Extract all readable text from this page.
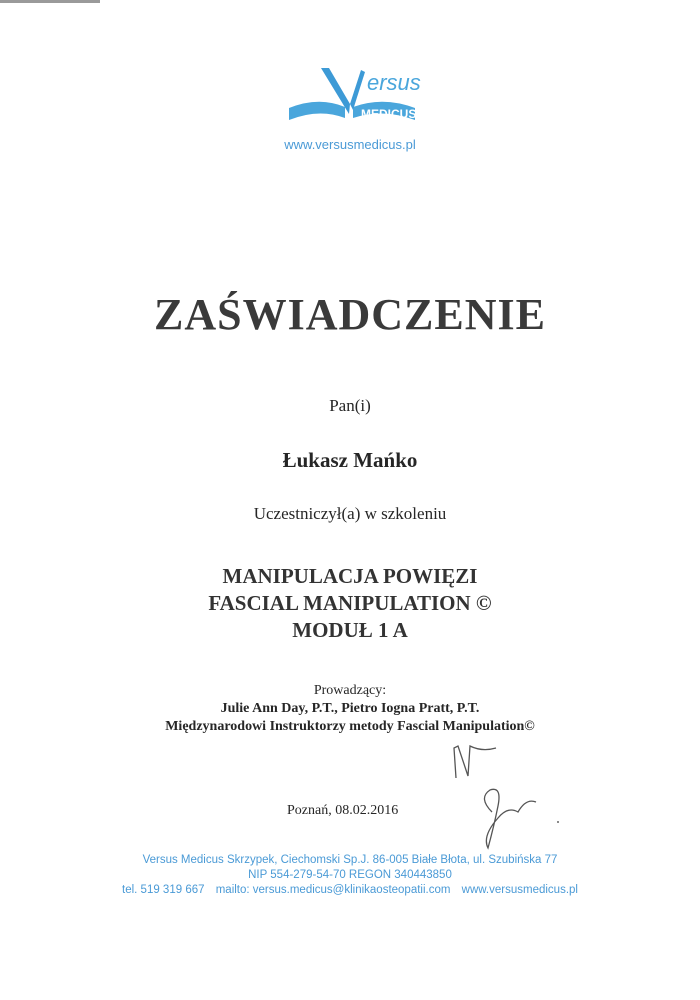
ersus
MEDICUS
www.versusmedicus.pl
ZAŚWIADCZENIE
Pan(i)
Łukasz Mańko
Uczestniczył(a) w szkoleniu
MANIPULACJA POWIĘZI
FASCIAL MANIPULATION ©
MODUŁ 1 A
Prowadzący:
Julie Ann Day, P.T., Pietro Iogna Pratt, P.T.
Międzynarodowi Instruktorzy metody Fascial Manipulation©
Poznań, 08.02.2016
Versus Medicus Skrzypek, Ciechomski Sp.J. 86-005 Białe Błota, ul. Szubińska 77
NIP 554-279-54-70 REGON 340443850
tel. 519 319 667 mailto: versus.medicus@klinikaosteopatii.com www.versusmedicus.pl
